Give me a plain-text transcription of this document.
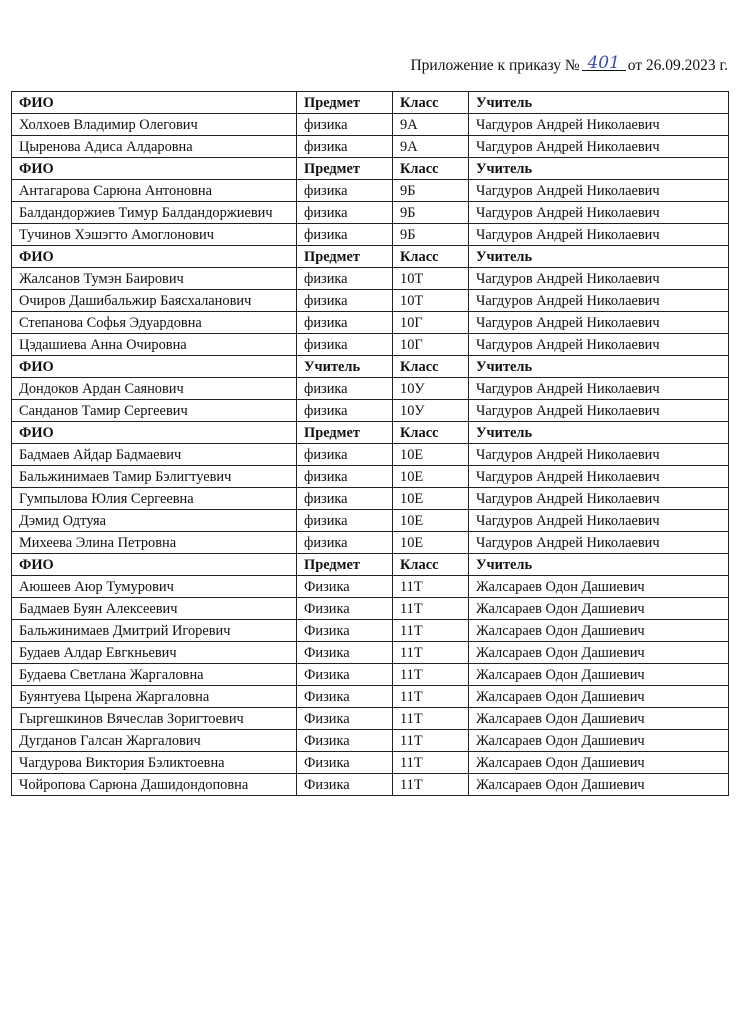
Приложение к приказу № 401 от 26.09.2023 г.
ФИО	Предмет	Класс	Учитель
Холхоев Владимир Олегович	физика	9А	Чагдуров Андрей Николаевич
Цыренова Адиса Алдаровна	физика	9А	Чагдуров Андрей Николаевич
ФИО	Предмет	Класс	Учитель
Антагарова Сарюна Антоновна	физика	9Б	Чагдуров Андрей Николаевич
Балдандоржиев Тимур Балдандоржиевич	физика	9Б	Чагдуров Андрей Николаевич
Тучинов Хэшэгто Амоглонович	физика	9Б	Чагдуров Андрей Николаевич
ФИО	Предмет	Класс	Учитель
Жалсанов Тумэн Баирович	физика	10Т	Чагдуров Андрей Николаевич
Очиров Дашибальжир Баясхаланович	физика	10Т	Чагдуров Андрей Николаевич
Степанова Софья Эдуардовна	физика	10Г	Чагдуров Андрей Николаевич
Цэдашиева Анна Очировна	физика	10Г	Чагдуров Андрей Николаевич
ФИО	Учитель	Класс	Учитель
Дондоков Ардан Саянович	физика	10У	Чагдуров Андрей Николаевич
Санданов Тамир Сергеевич	физика	10У	Чагдуров Андрей Николаевич
ФИО	Предмет	Класс	Учитель
Бадмаев Айдар Бадмаевич	физика	10Е	Чагдуров Андрей Николаевич
Бальжинимаев Тамир Бэлигтуевич	физика	10Е	Чагдуров Андрей Николаевич
Гумпылова Юлия Сергеевна	физика	10Е	Чагдуров Андрей Николаевич
Дэмид Одтуяа	физика	10Е	Чагдуров Андрей Николаевич
Михеева Элина Петровна	физика	10Е	Чагдуров Андрей Николаевич
ФИО	Предмет	Класс	Учитель
Аюшеев Аюр Тумурович	Физика	11Т	Жалсараев Одон Дашиевич
Бадмаев Буян Алексеевич	Физика	11Т	Жалсараев Одон Дашиевич
Бальжинимаев Дмитрий Игоревич	Физика	11Т	Жалсараев Одон Дашиевич
Будаев Алдар Евгкньевич	Физика	11Т	Жалсараев Одон Дашиевич
Будаева Светлана Жаргаловна	Физика	11Т	Жалсараев Одон Дашиевич
Буянтуева Цырена Жаргаловна	Физика	11Т	Жалсараев Одон Дашиевич
Гыргешкинов Вячеслав Зоригтоевич	Физика	11Т	Жалсараев Одон Дашиевич
Дугданов Галсан Жаргалович	Физика	11Т	Жалсараев Одон Дашиевич
Чагдурова Виктория Бэликтоевна	Физика	11Т	Жалсараев Одон Дашиевич
Чойропова Сарюна Дашидондоповна	Физика	11Т	Жалсараев Одон Дашиевич
